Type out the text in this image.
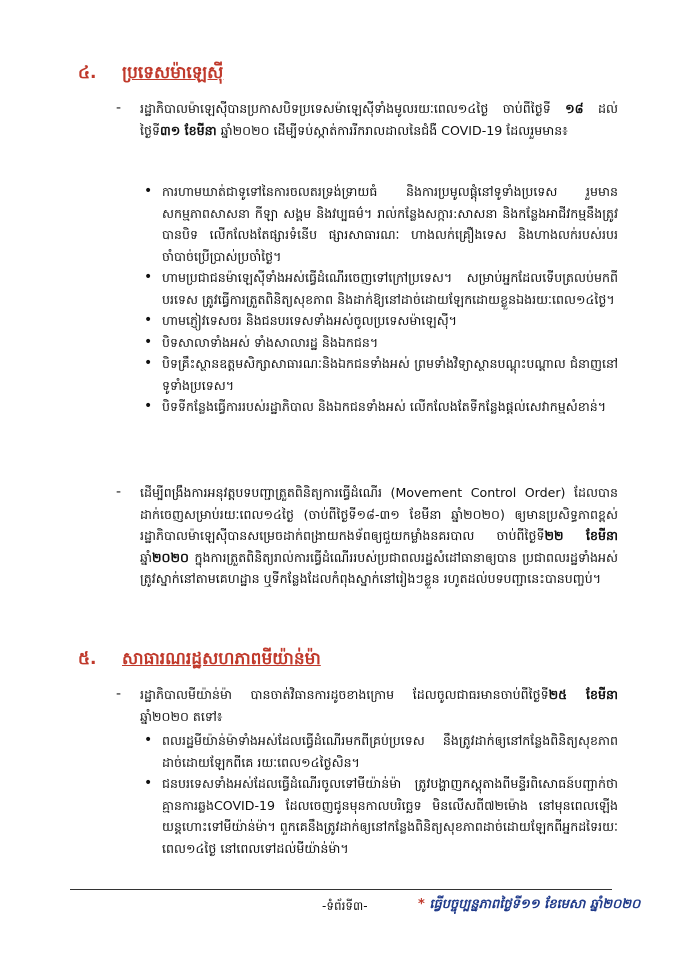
៤.	ប្រទេសម៉ាឡេស៊ី
- រដ្ឋាភិបាលម៉ាឡេស៊ីបានប្រកាសបិទប្រទេសម៉ាឡេស៊ីទាំងមូលរយៈពេល១៤ថ្ងៃ ចាប់ពីថ្ងៃទី ១៨ ដល់ថ្ងៃទី៣១ ខែមីនា ឆ្នាំ២០២០ ដើម្បីទប់ស្កាត់ការរីករាលដាលនៃជំងឺ COVID-19 ដែលរួមមាន៖

• ការហាមឃាត់ជាទូទៅនៃការចលតរទ្រង់ទ្រាយធំ និងការប្រមូលផ្តុំនៅទូទាំងប្រទេស រួមមាន សកម្មភាពសាសនា កីឡា សង្គម និងវប្បធម៌។ រាល់កន្លែងសក្ការ:សាសនា និងកន្លែងអាជីវកម្មនឹងត្រូវបានបិទ លើកលែងតែផ្សារទំនើប ផ្សារសាធារណៈ ហាងលក់គ្រឿងទេស និងហាងលក់របស់របរចាំបាច់ប្រើប្រាស់ប្រចាំថ្ងៃ។
• ហាមប្រជាជនម៉ាឡេស៊ីទាំងអស់ធ្វើដំណើរចេញទៅក្រៅប្រទេស។ សម្រាប់អ្នកដែលទើបត្រលប់មកពីបរទេស ត្រូវធ្វើការត្រួតពិនិត្យសុខភាព និងដាក់ឱ្យនៅដាច់ដោយឡែកដោយខ្លួនឯងរយៈពេល១៤ថ្ងៃ។
• ហាមភ្ញៀវទេសចរ និងជនបរទេសទាំងអស់ចូលប្រទេសម៉ាឡេស៊ី។
• បិទសាលាទាំងអស់ ទាំងសាលារដ្ឋ និងឯកជន។
• បិទគ្រឹះស្ថានឧត្តមសិក្សាសាធារណៈនិងឯកជនទាំងអស់ ព្រមទាំងវិទ្យាស្ថានបណ្តុះបណ្តាល ជំនាញនៅទូទាំងប្រទេស។
• បិទទីកន្លែងធ្វើការរបស់រដ្ឋាភិបាល និងឯកជនទាំងអស់ លើកលែងតែទីកន្លែងផ្តល់សេវាកម្មសំខាន់។
- ដើម្បីពង្រឹងការអនុវត្តបទបញ្ជាត្រួតពិនិត្យការធ្វើដំណើរ (Movement Control Order) ដែលបានដាក់ចេញសម្រាប់រយៈពេល១៤ថ្ងៃ (ចាប់ពីថ្ងៃទី១៨-៣១ ខែមីនា ឆ្នាំ២០២០) ឲ្យមានប្រសិទ្ធភាពខ្ពស់ រដ្ឋាភិបាលម៉ាឡេស៊ីបានសម្រេចដាក់ពង្រាយកងទ័ពឲ្យជួយកម្លាំងនគរបាល ចាប់ពីថ្ងៃទី២២ ខែមីនា ឆ្នាំ២០២០ ក្នុងការត្រួតពិនិត្យរាល់ការធ្វើដំណើររបស់ប្រជាពលរដ្ឋសំដៅធានាឲ្យបាន ប្រជាពលរដ្ឋទាំងអស់ត្រូវស្នាក់នៅតាមគេហដ្ឋាន ឬទីកន្លែងដែលកំពុងស្នាក់នៅរៀងៗខ្លួន រហូតដល់បទបញ្ជានេះបានបញ្ចប់។

៥.	សាធារណរដ្ឋសហភាពមីយ៉ាន់ម៉ា
- រដ្ឋាភិបាលមីយ៉ាន់ម៉ា បានចាត់វិធានការដូចខាងក្រោម ដែលចូលជាធរមានចាប់ពីថ្ងៃទី២៥ ខែមីនា ឆ្នាំ២០២០ តទៅ៖

• ពលរដ្ឋមីយ៉ាន់ម៉ាទាំងអស់ដែលធ្វើដំណើរមកពីគ្រប់ប្រទេស នឹងត្រូវដាក់ឲ្យនៅកន្លែងពិនិត្យសុខភាពដាច់ដោយឡែកពីគេ រយៈពេល១៤ថ្ងៃសិន។
• ជនបរទេសទាំងអស់ដែលធ្វើដំណើរចូលទៅមីយ៉ាន់ម៉ា ត្រូវបង្ហាញភស្តុតាងពីមន្ទីរពិសោធន៍បញ្ជាក់ថាគ្មានការឆ្លងCOVID-19 ដែលចេញជូនមុនកាលបរិច្ឆេទ មិនលើសពី៧២ម៉ោង នៅមុនពេលឡើងយន្តហោះទៅមីយ៉ាន់ម៉ា។ ពួកគេនឹងត្រូវដាក់ឲ្យនៅកន្លែងពិនិត្យសុខភាពដាច់ដោយឡែកពីអ្នកដទៃរយៈពេល១៤ថ្ងៃ នៅពេលទៅដល់មីយ៉ាន់ម៉ា។
-ទំព័រទី៣-	* ធ្វើបច្ចុប្បន្នភាពថ្ងៃទី១១ ខែមេសា ឆ្នាំ២០២០
